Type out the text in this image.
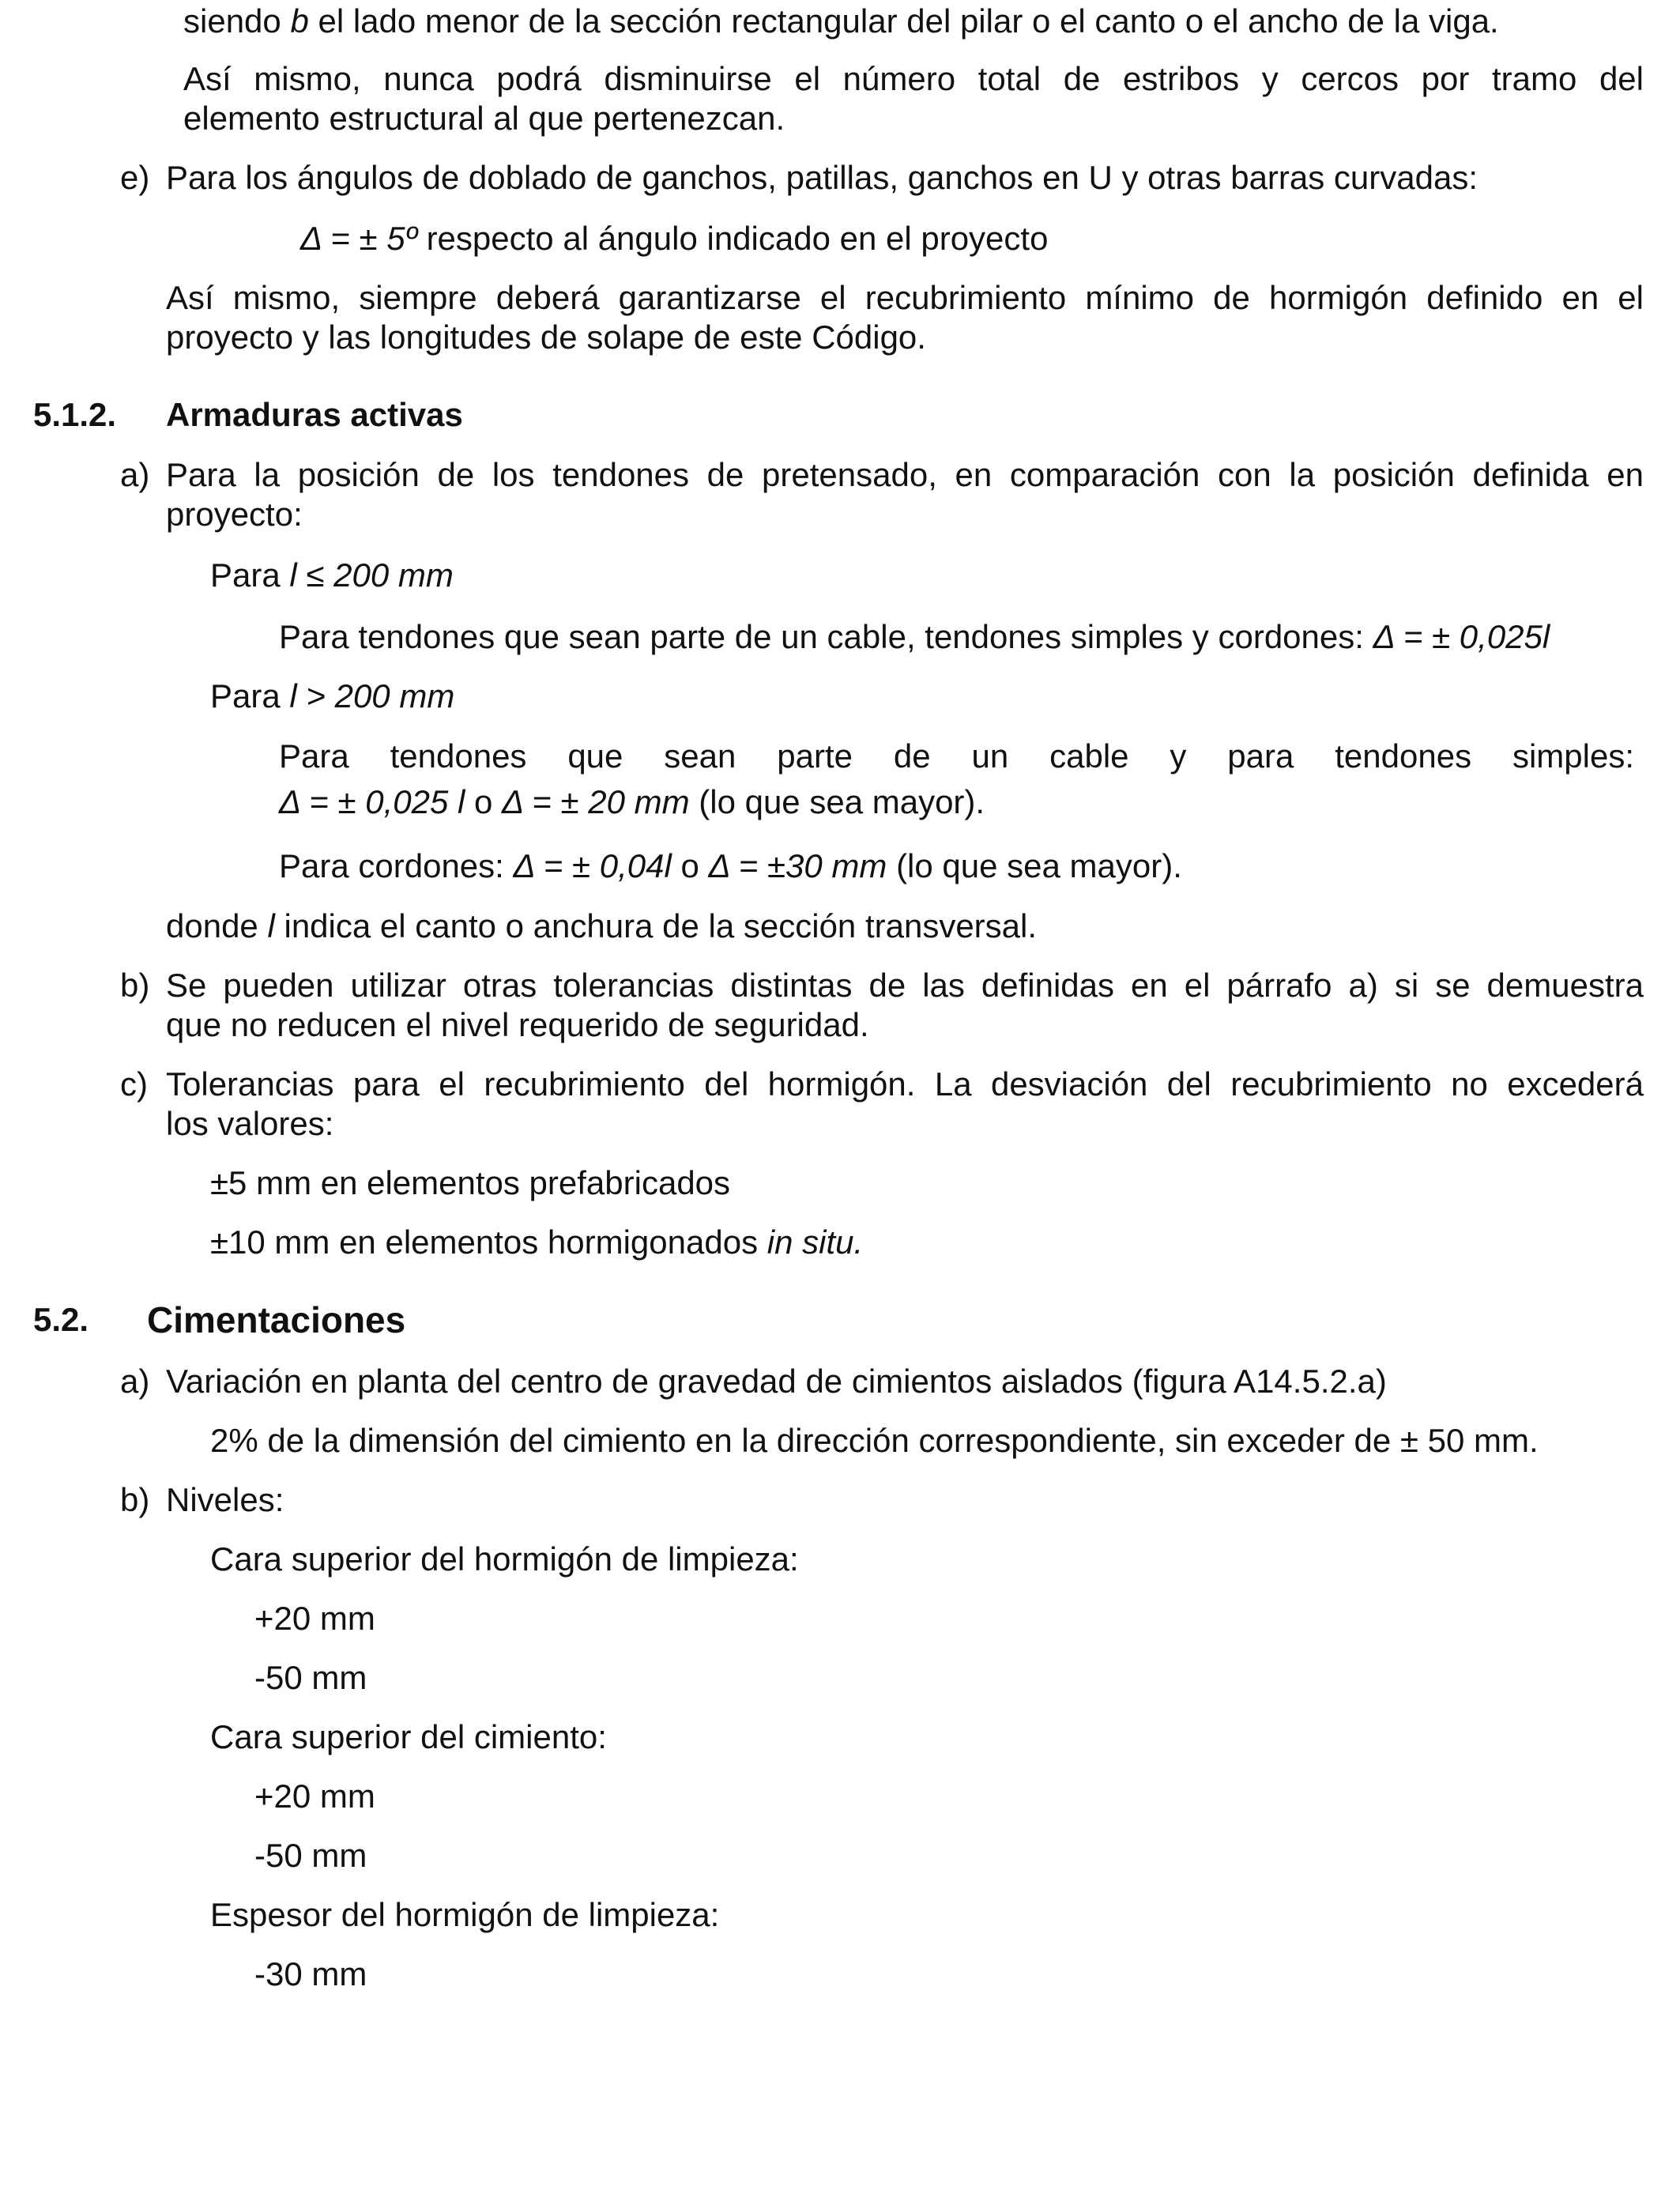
siendo b el lado menor de la sección rectangular del pilar o el canto o el ancho de la viga.

Así mismo, nunca podrá disminuirse el número total de estribos y cercos por tramo del

elemento estructural al que pertenezcan.

e) Para los ángulos de doblado de ganchos, patillas, ganchos en U y otras barras curvadas:

Δ = ± 5º respecto al ángulo indicado en el proyecto

Así mismo, siempre deberá garantizarse el recubrimiento mínimo de hormigón definido en el

proyecto y las longitudes de solape de este Código.

5.1.2. Armaduras activas

a) Para la posición de los tendones de pretensado, en comparación con la posición definida en

proyecto:

Para l ≤ 200 mm

Para tendones que sean parte de un cable, tendones simples y cordones: Δ = ± 0,025l

Para l > 200 mm

Para tendones que sean parte de un cable y para tendones simples:

Δ = ± 0,025 l o Δ = ± 20 mm (lo que sea mayor).

Para cordones: Δ = ± 0,04l o Δ = ±30 mm (lo que sea mayor).

donde l indica el canto o anchura de la sección transversal.

b) Se pueden utilizar otras tolerancias distintas de las definidas en el párrafo a) si se demuestra

que no reducen el nivel requerido de seguridad.

c) Tolerancias para el recubrimiento del hormigón. La desviación del recubrimiento no excederá

los valores:

±5 mm en elementos prefabricados

±10 mm en elementos hormigonados in situ.

5.2. Cimentaciones

a) Variación en planta del centro de gravedad de cimientos aislados (figura A14.5.2.a)

2% de la dimensión del cimiento en la dirección correspondiente, sin exceder de ± 50 mm.

b) Niveles:

Cara superior del hormigón de limpieza:

+20 mm

-50 mm

Cara superior del cimiento:

+20 mm

-50 mm

Espesor del hormigón de limpieza:

-30 mm
